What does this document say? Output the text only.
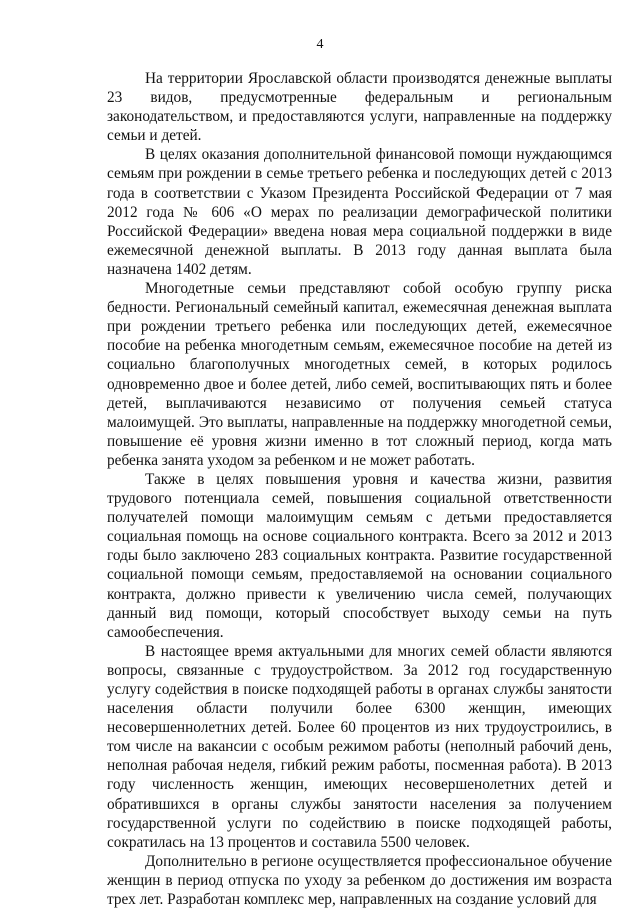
4

На территории Ярославской области производятся денежные выплаты 23 видов, предусмотренные федеральным и региональным законодательством, и предоставляются услуги, направленные на поддержку семьи и детей.

В целях оказания дополнительной финансовой помощи нуждающимся семьям при рождении в семье третьего ребенка и последующих детей с 2013 года в соответствии с Указом Президента Российской Федерации от 7 мая 2012 года № 606 «О мерах по реализации демографической политики Российской Федерации» введена новая мера социальной поддержки в виде ежемесячной денежной выплаты. В 2013 году данная выплата была назначена 1402 детям.

Многодетные семьи представляют собой особую группу риска бедности. Региональный семейный капитал, ежемесячная денежная выплата при рождении третьего ребенка или последующих детей, ежемесячное пособие на ребенка многодетным семьям, ежемесячное пособие на детей из социально благополучных многодетных семей, в которых родилось одновременно двое и более детей, либо семей, воспитывающих пять и более детей, выплачиваются независимо от получения семьей статуса малоимущей. Это выплаты, направленные на поддержку многодетной семьи, повышение её уровня жизни именно в тот сложный период, когда мать ребенка занята уходом за ребенком и не может работать.

Также в целях повышения уровня и качества жизни, развития трудового потенциала семей, повышения социальной ответственности получателей помощи малоимущим семьям с детьми предоставляется социальная помощь на основе социального контракта. Всего за 2012 и 2013 годы было заключено 283 социальных контракта. Развитие государственной социальной помощи семьям, предоставляемой на основании социального контракта, должно привести к увеличению числа семей, получающих данный вид помощи, который способствует выходу семьи на путь самообеспечения.

В настоящее время актуальными для многих семей области являются вопросы, связанные с трудоустройством. За 2012 год государственную услугу содействия в поиске подходящей работы в органах службы занятости населения области получили более 6300 женщин, имеющих несовершеннолетних детей. Более 60 процентов из них трудоустроились, в том числе на вакансии с особым режимом работы (неполный рабочий день, неполная рабочая неделя, гибкий режим работы, посменная работа). В 2013 году численность женщин, имеющих несовершенолетних детей и обратившихся в органы службы занятости населения за получением государственной услуги по содействию в поиске подходящей работы, сократилась на 13 процентов и составила 5500 человек.

Дополнительно в регионе осуществляется профессиональное обучение женщин в период отпуска по уходу за ребенком до достижения им возраста трех лет. Разработан комплекс мер, направленных на создание условий для
